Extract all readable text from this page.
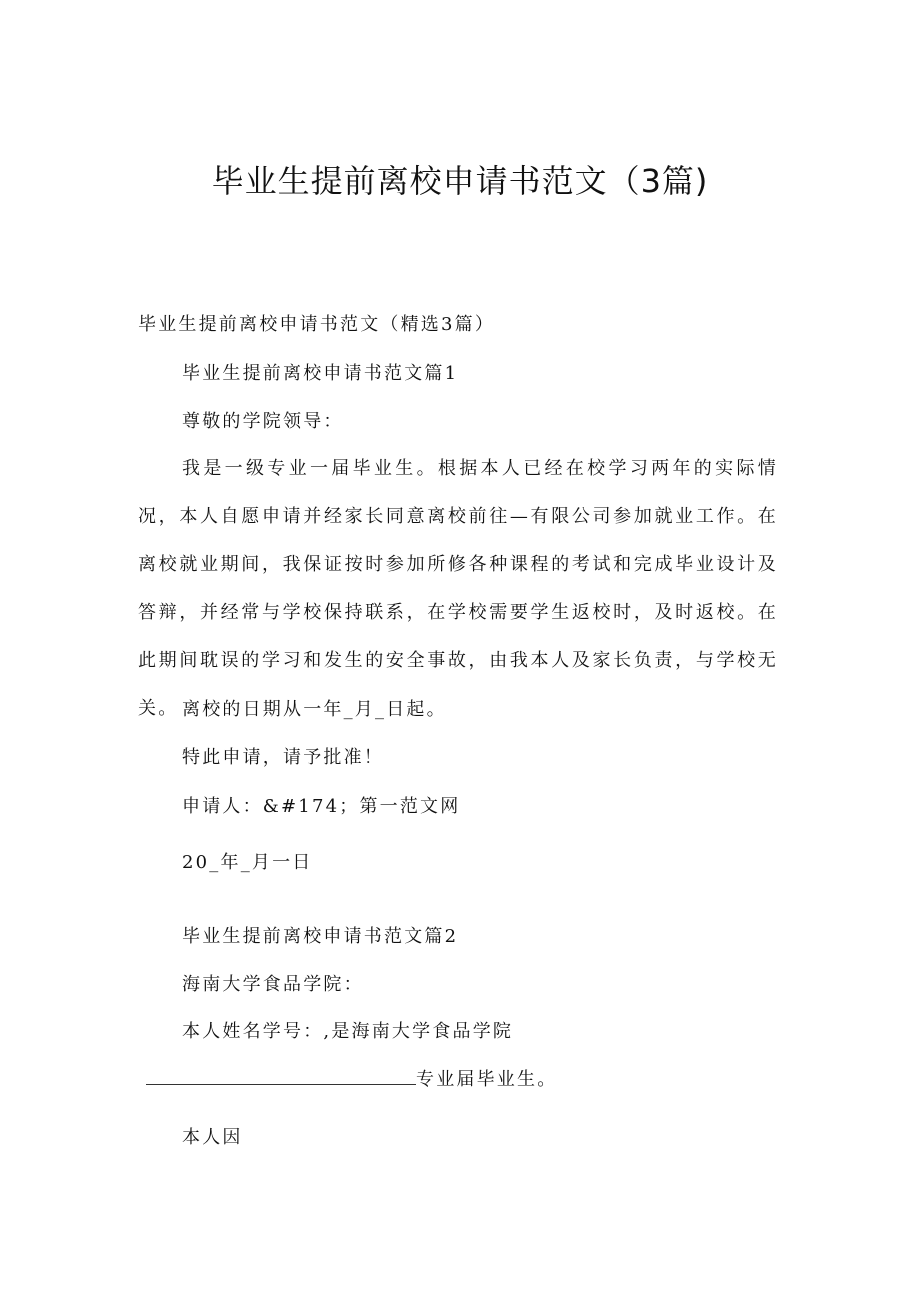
毕业生提前离校申请书范文（3篇)
毕业生提前离校申请书范文（精选3篇）
毕业生提前离校申请书范文篇1
尊敬的学院领导：

我是一级专业一届毕业生。根据本人已经在校学习两年的实际情况，本人自愿申请并经家长同意离校前往—有限公司参加就业工作。在离校就业期间，我保证按时参加所修各种课程的考试和完成毕业设计及答辩，并经常与学校保持联系，在学校需要学生返校时，及时返校。在此期间耽误的学习和发生的安全事故，由我本人及家长负责，与学校无关。 离校的日期从一年_月_日起。
特此申请，请予批准！
申请人：&#174；第一范文网
20_年_月一日
毕业生提前离校申请书范文篇2
海南大学食品学院：
本人姓名学号：,是海南大学食品学院
专业届毕业生。
本人因
